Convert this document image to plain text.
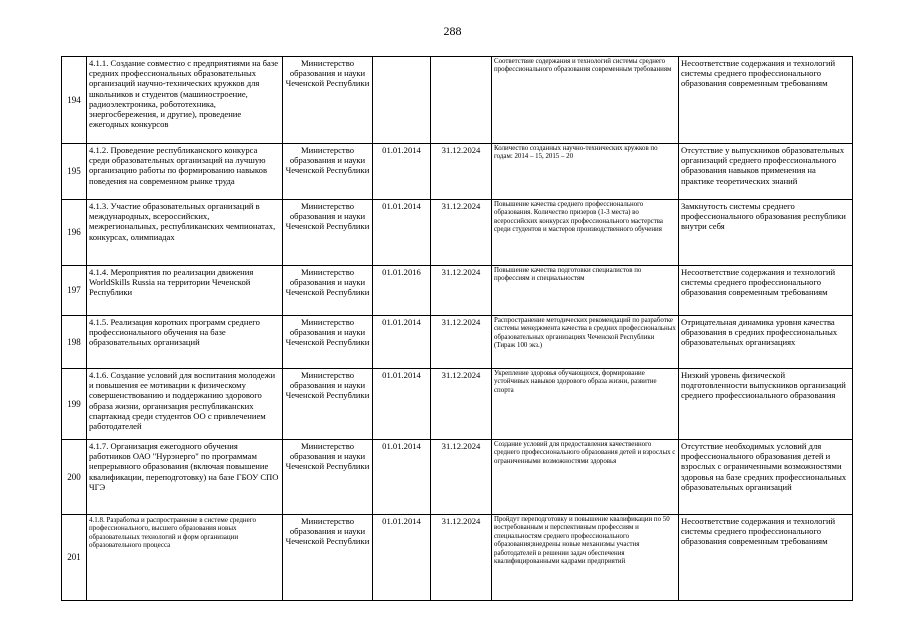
288
194	4.1.1. Создание совместно с предприятиями на базе средних профессиональных образовательных организаций научно-технических кружков для школьников и студентов (машиностроение, радиоэлектроника, робототехника, энергосбережения, и другие), проведение ежегодных конкурсов	Министерство образования и науки Чеченской Республики			Соответствие содержания и технологий системы среднего профессионального образования современным требованиям	Несоответствие содержания и технологий системы среднего профессионального образования современным требованиям
195	4.1.2. Проведение республиканского конкурса среди образовательных организаций на лучшую организацию работы по формированию навыков поведения на современном рынке труда	Министерство образования и науки Чеченской Республики	01.01.2014	31.12.2024	Количество созданных научно-технических кружков по годам: 2014 – 15, 2015 – 20	Отсутствие у выпускников образовательных организаций среднего профессионального образования навыков применения на практике теоретических знаний
196	4.1.3. Участие образовательных организаций в международных, всероссийских, межрегиональных, республиканских чемпионатах, конкурсах, олимпиадах	Министерство образования и науки Чеченской Республики	01.01.2014	31.12.2024	Повышение качества среднего профессионального образования. Количество призеров (1-3 места) во всероссийских конкурсах профессионального мастерства среди студентов и мастеров производственного обучения	Замкнутость системы среднего профессионального образования республики внутри себя
197	4.1.4. Мероприятия по реализации движения WorldSkills Russia на территории Чеченской Республики	Министерство образования и науки Чеченской Республики	01.01.2016	31.12.2024	Повышение качества подготовки специалистов по профессиям и специальностям	Несоответствие содержания и технологий системы среднего профессионального образования современным требованиям
198	4.1.5. Реализация коротких программ среднего профессионального обучения на базе образовательных организаций	Министерство образования и науки Чеченской Республики	01.01.2014	31.12.2024	Распространение методических рекомендаций по разработке системы менеджмента качества в средних профессиональных образовательных организациях Чеченской Республики (Тираж 100 экз.)	Отрицательная динамика уровня качества образования в средних профессиональных образовательных организациях
199	4.1.6. Создание условий для воспитания молодежи и повышения ее мотивации к физическому совершенствованию и поддержанию здорового образа жизни, организация республиканских спартакиад среди студентов ОО с привлечением работодателей	Министерство образования и науки Чеченской Республики	01.01.2014	31.12.2024	Укрепление здоровья обучающихся, формирование устойчивых навыков здорового образа жизни, развитие спорта	Низкий уровень физической подготовленности выпускников организаций среднего профессионального образования
200	4.1.7. Организация ежегодного обучения работников ОАО "Нурэнерго" по программам непрерывного образования (включая повышение квалификации, переподготовку) на базе ГБОУ СПО ЧГЭ	Министерство образования и науки Чеченской Республики	01.01.2014	31.12.2024	Создание условий для предоставления качественного среднего профессионального образования детей и взрослых с ограниченными возможностями здоровья	Отсутствие необходимых условий для профессионального образования детей и взрослых с ограниченными возможностями здоровья на базе средних профессиональных образовательных организаций
201	4.1.8. Разработка и распространение в системе среднего профессионального, высшего образования новых образовательных технологий и форм организации образовательного процесса	Министерство образования и науки Чеченской Республики	01.01.2014	31.12.2024	Пройдут переподготовку и повышение квалификации по 50 востребованным и перспективным профессиям и специальностям среднего профессионального образования;внедрены новые механизмы участия работодателей в решении задач обеспечения квалифицированными кадрами предприятий	Несоответствие содержания и технологий системы среднего профессионального образования современным требованиям
